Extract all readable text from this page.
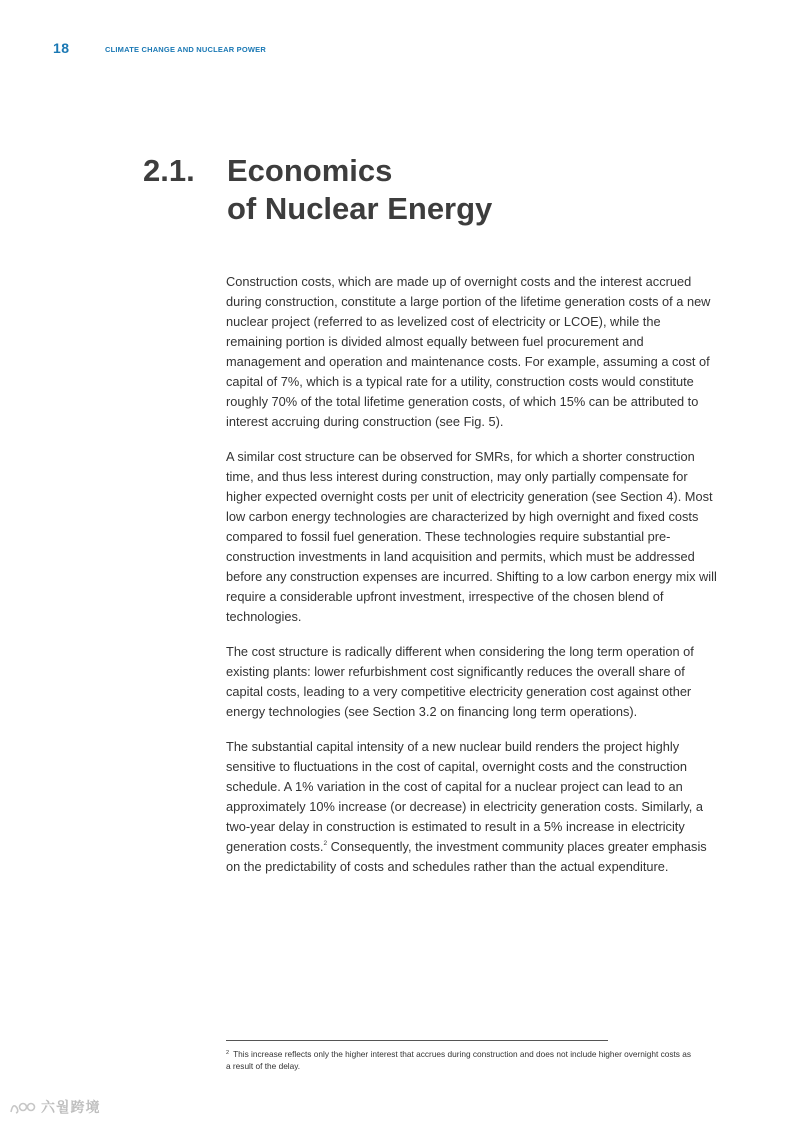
18	CLIMATE CHANGE AND NUCLEAR POWER
2.1. Economics
of Nuclear Energy

Construction costs, which are made up of overnight costs and the interest accrued during construction, constitute a large portion of the lifetime generation costs of a new nuclear project (referred to as levelized cost of electricity or LCOE), while the remaining portion is divided almost equally between fuel procurement and management and operation and maintenance costs. For example, assuming a cost of capital of 7%, which is a typical rate for a utility, construction costs would constitute roughly 70% of the total lifetime generation costs, of which 15% can be attributed to interest accruing during construction (see Fig. 5).

A similar cost structure can be observed for SMRs, for which a shorter construction time, and thus less interest during construction, may only partially compensate for higher expected overnight costs per unit of electricity generation (see Section 4). Most low carbon energy technologies are characterized by high overnight and fixed costs compared to fossil fuel generation. These technologies require substantial pre-construction investments in land acquisition and permits, which must be addressed before any construction expenses are incurred. Shifting to a low carbon energy mix will require a considerable upfront investment, irrespective of the chosen blend of technologies.

The cost structure is radically different when considering the long term operation of existing plants: lower refurbishment cost significantly reduces the overall share of capital costs, leading to a very competitive electricity generation cost against other energy technologies (see Section 3.2 on financing long term operations).

The substantial capital intensity of a new nuclear build renders the project highly sensitive to fluctuations in the cost of capital, overnight costs and the construction schedule. A 1% variation in the cost of capital for a nuclear project can lead to an approximately 10% increase (or decrease) in electricity generation costs. Similarly, a two-year delay in construction is estimated to result in a 5% increase in electricity generation costs.$^2$ Consequently, the investment community places greater emphasis on the predictability of costs and schedules rather than the actual expenditure.

$^2$ This increase reflects only the higher interest that accrues during construction and does not include higher overnight costs as a result of the delay.
六월跨境
